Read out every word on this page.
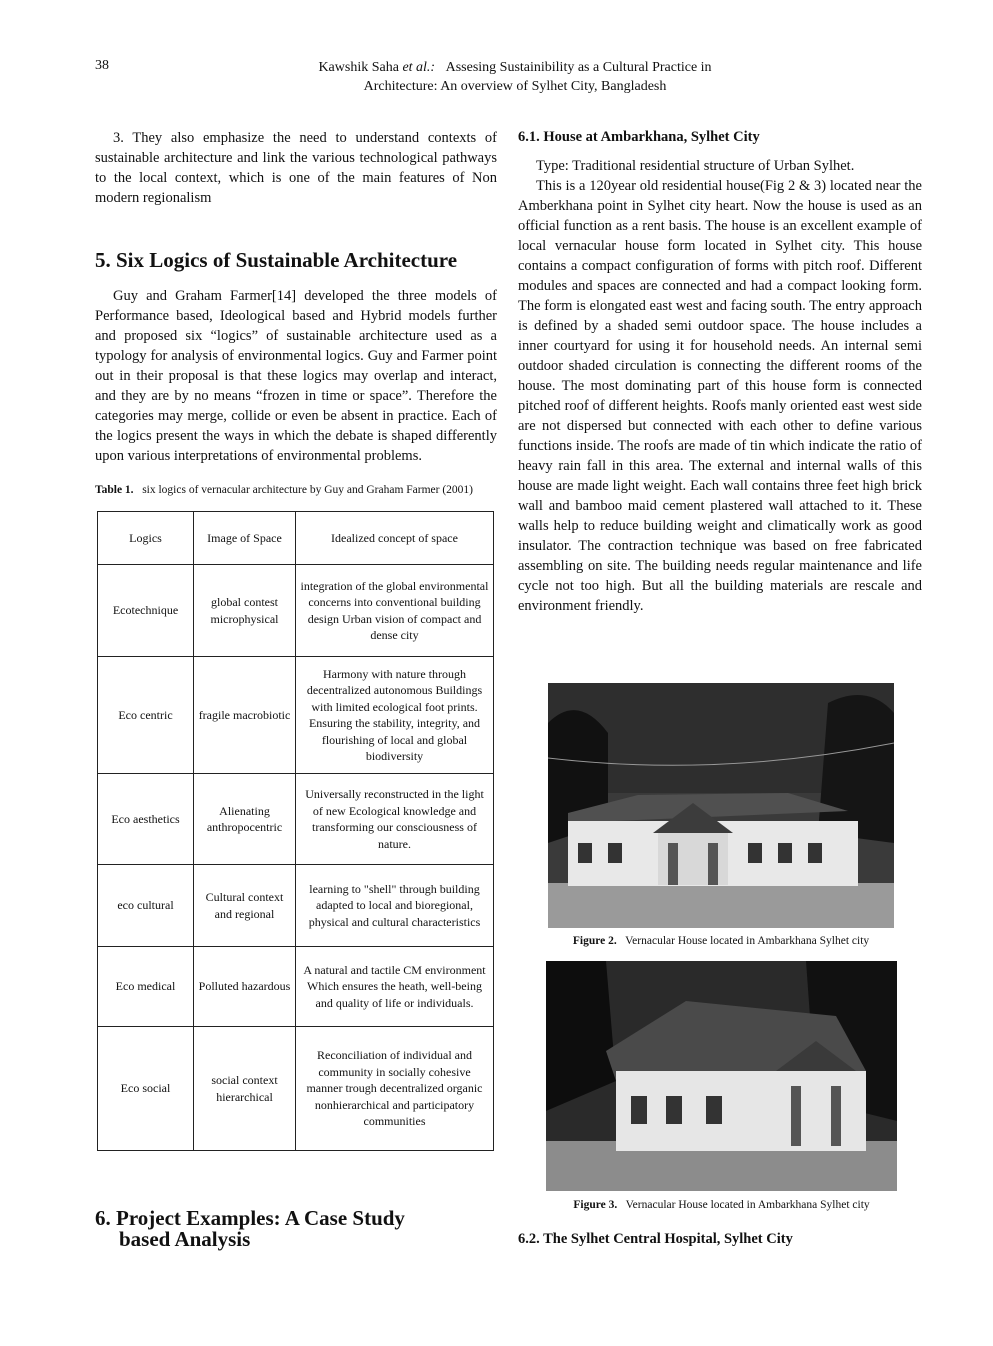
38	Kawshik Saha et al.: Assesing Sustainibility as a Cultural Practice in
Architecture: An overview of Sylhet City, Bangladesh

3. They also emphasize the need to understand contexts of sustainable architecture and link the various technological pathways to the local context, which is one of the main features of Non modern regionalism

5. Six Logics of Sustainable Architecture

Guy and Graham Farmer[14] developed the three models of Performance based, Ideological based and Hybrid models further and proposed six “logics” of sustainable architecture used as a typology for analysis of environmental logics. Guy and Farmer point out in their proposal is that these logics may overlap and interact, and they are by no means “frozen in time or space”. Therefore the categories may merge, collide or even be absent in practice. Each of the logics present the ways in which the debate is shaped differently upon various interpretations of environmental problems.

Table 1. six logics of vernacular architecture by Guy and Graham Farmer (2001)

Logics	Image of Space	Idealized concept of space
Ecotechnique	global contest microphysical	integration of the global environmental concerns into conventional building design Urban vision of compact and dense city
Eco centric	fragile macrobiotic	Harmony with nature through decentralized autonomous Buildings with limited ecological foot prints. Ensuring the stability, integrity, and flourishing of local and global biodiversity
Eco aesthetics	Alienating anthropocentric	Universally reconstructed in the light of new Ecological knowledge and transforming our consciousness of nature.
eco cultural	Cultural context and regional	learning to "shell" through building adapted to local and bioregional, physical and cultural characteristics
Eco medical	Polluted hazardous	A natural and tactile CM environment Which ensures the heath, well-being and quality of life or individuals.
Eco social	social context hierarchical	Reconciliation of individual and community in socially cohesive manner trough decentralized organic nonhierarchical and participatory communities
6. Project Examples: A Case Study
based Analysis
6.1. House at Ambarkhana, Sylhet City

Type: Traditional residential structure of Urban Sylhet.

This is a 120year old residential house(Fig 2 & 3) located near the Amberkhana point in Sylhet city heart. Now the house is used as an official function as a rent basis. The house is an excellent example of local vernacular house form located in Sylhet city. This house contains a compact configuration of forms with pitch roof. Different modules and spaces are connected and had a compact looking form. The form is elongated east west and facing south. The entry approach is defined by a shaded semi outdoor space. The house includes a inner courtyard for using it for household needs. An internal semi outdoor shaded circulation is connecting the different rooms of the house. The most dominating part of this house form is connected pitched roof of different heights. Roofs manly oriented east west side are not dispersed but connected with each other to define various functions inside. The roofs are made of tin which indicate the ratio of heavy rain fall in this area. The external and internal walls of this house are made light weight. Each wall contains three feet high brick wall and bamboo maid cement plastered wall attached to it. These walls help to reduce building weight and climatically work as good insulator. The contraction technique was based on free fabricated assembling on site. The building needs regular maintenance and life cycle not too high. But all the building materials are rescale and environment friendly.

Figure 2. Vernacular House located in Ambarkhana Sylhet city
Figure 3. Vernacular House located in Ambarkhana Sylhet city
6.2. The Sylhet Central Hospital, Sylhet City
